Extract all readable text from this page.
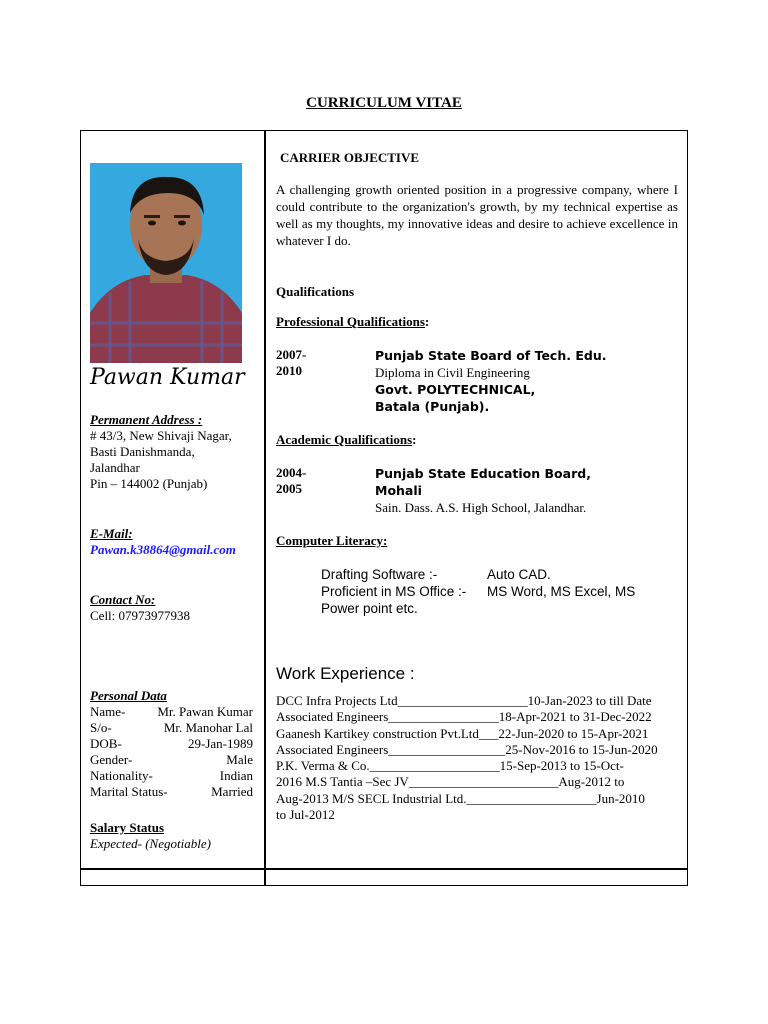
CURRICULUM VITAE
Pawan Kumar
Permanent Address :
# 43/3, New Shivaji Nagar,
Basti Danishmanda,
Jalandhar
Pin – 144002 (Punjab)
E-Mail:
Pawan.k38864@gmail.com
Contact No:
Cell: 07973977938
Personal Data
Name- Mr. Pawan Kumar
S/o-	Mr. Manohar Lal
DOB-	29-Jan-1989
Gender-	Male
Nationality-	Indian
Marital Status-	Married
Salary Status
Expected- (Negotiable)
CARRIER OBJECTIVE
A challenging growth oriented position in a progressive company, where I could contribute to the organization's growth, by my technical expertise as well as my thoughts, my innovative ideas and desire to achieve excellence in whatever I do.
Qualifications
Professional Qualifications:
2007-2010
Punjab State Board of Tech. Edu.
Diploma in Civil Engineering
Govt. POLYTECHNICAL,
Batala (Punjab).
Academic Qualifications:
2004-2005
Punjab State Education Board,
Mohali
Sain. Dass. A.S. High School, Jalandhar.
Computer Literacy:
Drafting Software :-	Auto CAD.
Proficient in MS Office :- MS Word, MS Excel, MS
Power point etc.
Work Experience :
DCC Infra Projects Ltd____________________10-Jan-2023 to till Date
Associated Engineers_________________18-Apr-2021 to 31-Dec-2022
Gaanesh Kartikey construction Pvt.Ltd___22-Jun-2020 to 15-Apr-2021
Associated Engineers__________________25-Nov-2016 to 15-Jun-2020
P.K. Verma & Co.____________________15-Sep-2013 to 15-Oct-
2016 M.S Tantia –Sec JV_______________________Aug-2012 to
Aug-2013 M/S SECL Industrial Ltd.____________________Jun-2010
to Jul-2012
